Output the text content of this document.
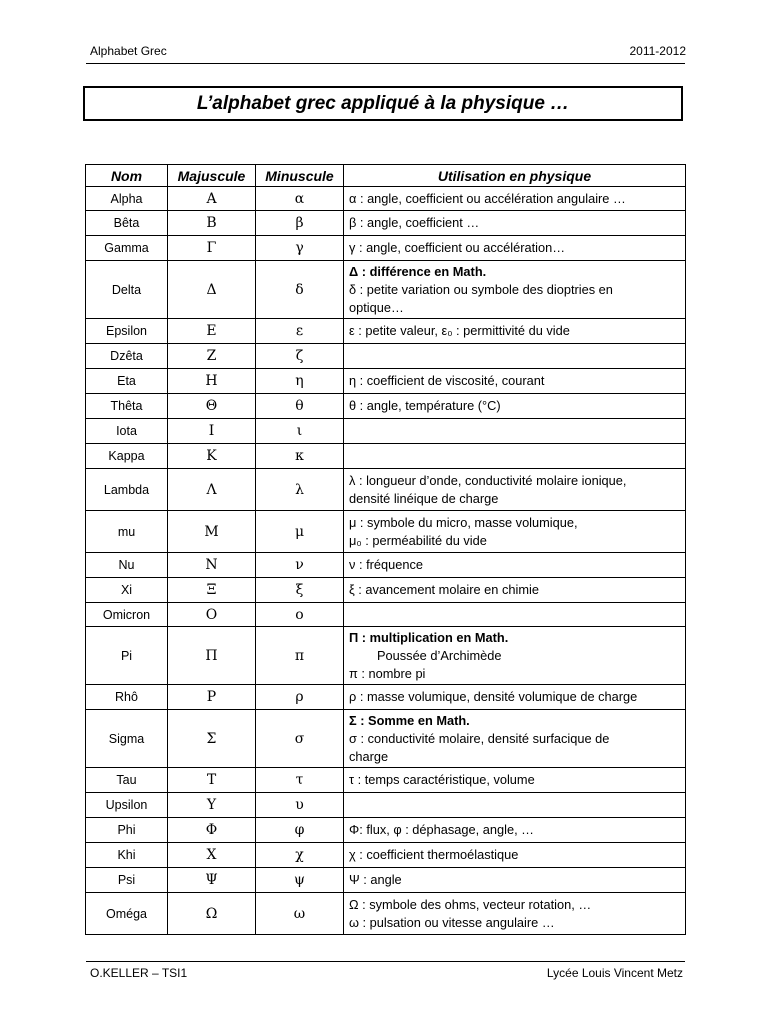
Alphabet Grec	2011-2012
L’alphabet grec appliqué à la physique …
Nom	Majuscule	Minuscule	Utilisation en physique
Alpha	Α	α	α : angle, coefficient ou accélération angulaire …

Bêta	Β	β	β : angle, coefficient …

Gamma	Γ	γ	γ : angle, coefficient ou accélération…

Delta	Δ	δ	Δ : différence en Math.
δ : petite variation ou symbole des dioptries en
optique…

Epsilon	Ε	ε	ε : petite valeur, ε₀ : permittivité du vide

Dzêta	Ζ	ζ	
Eta	Η	η	η : coefficient de viscosité, courant

Thêta	Θ	θ	θ : angle, température (°C)

Iota	Ι	ι	
Kappa	Κ	κ	
Lambda	Λ	λ	λ : longueur d’onde, conductivité molaire ionique,
densité linéique de charge

mu	Μ	μ	μ : symbole du micro, masse volumique,
μ₀ : perméabilité du vide

Nu	Ν	ν	ν : fréquence

Xi	Ξ	ξ	ξ : avancement molaire en chimie

Omicron	Ο	ο	
Pi	Π	π	Π : multiplication en Math.
Poussée d’Archimède
π : nombre pi

Rhô	Ρ	ρ	ρ : masse volumique, densité volumique de charge

Sigma	Σ	σ	Σ : Somme en Math.
σ : conductivité molaire, densité surfacique de
charge

Tau	Τ	τ	τ : temps caractéristique, volume

Upsilon	Υ	υ	
Phi	Φ	φ	Φ: flux, φ : déphasage, angle, …

Khi	Χ	χ	χ : coefficient thermoélastique

Psi	Ψ	ψ	Ψ : angle

Oméga	Ω	ω	Ω : symbole des ohms, vecteur rotation, …
ω : pulsation ou vitesse angulaire …
O.KELLER – TSI1	Lycée Louis Vincent Metz
